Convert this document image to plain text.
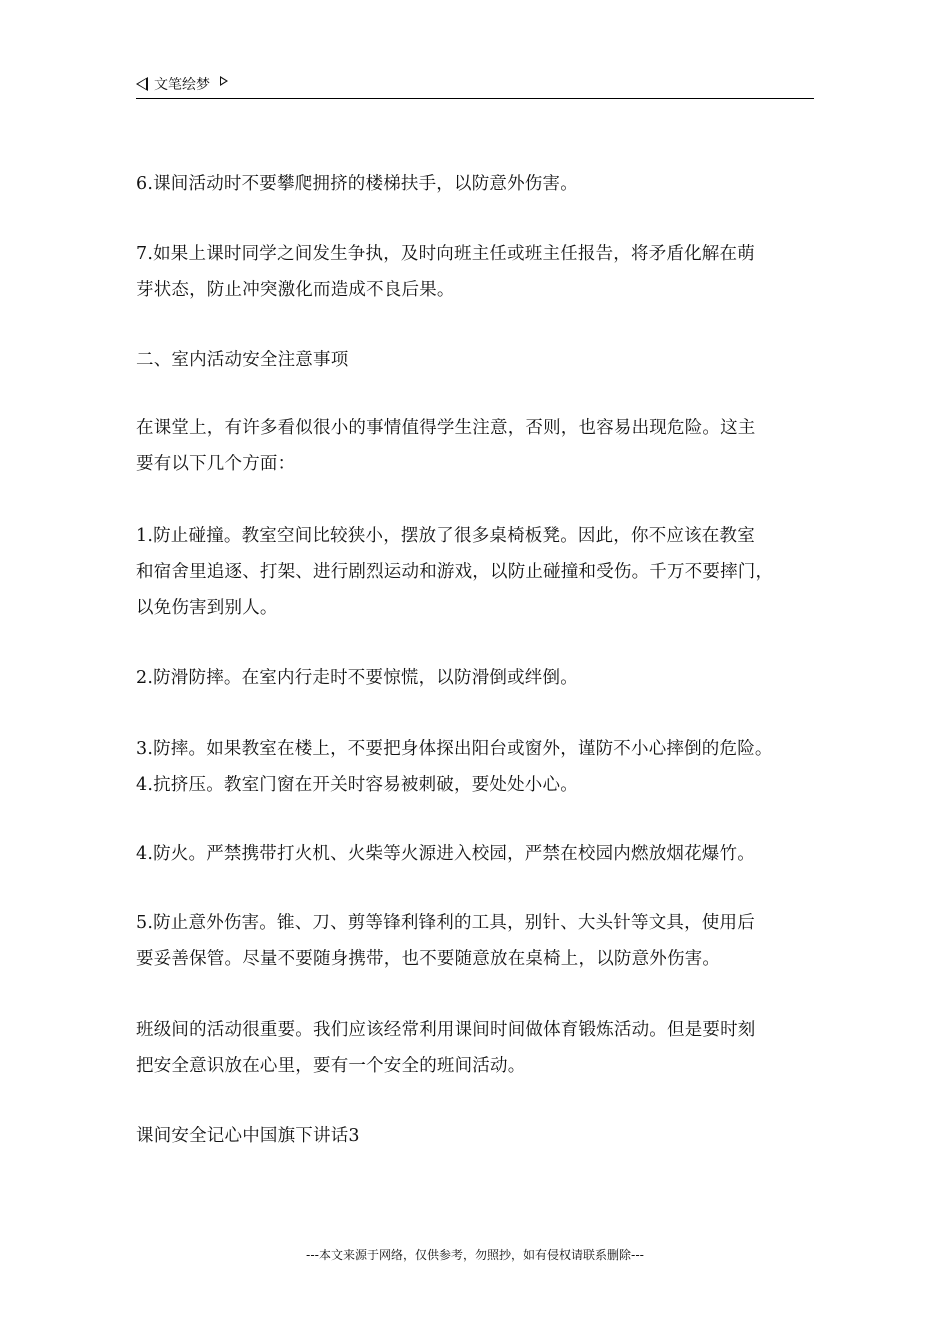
文笔绘梦
6.课间活动时不要攀爬拥挤的楼梯扶手，以防意外伤害。
7.如果上课时同学之间发生争执，及时向班主任或班主任报告，将矛盾化解在萌
芽状态，防止冲突激化而造成不良后果。
二、室内活动安全注意事项
在课堂上，有许多看似很小的事情值得学生注意，否则，也容易出现危险。这主
要有以下几个方面：
1.防止碰撞。教室空间比较狭小，摆放了很多桌椅板凳。因此，你不应该在教室
和宿舍里追逐、打架、进行剧烈运动和游戏，以防止碰撞和受伤。千万不要摔门，
以免伤害到别人。
2.防滑防摔。在室内行走时不要惊慌，以防滑倒或绊倒。
3.防摔。如果教室在楼上，不要把身体探出阳台或窗外，谨防不小心摔倒的危险。
4.抗挤压。教室门窗在开关时容易被刺破，要处处小心。
4.防火。严禁携带打火机、火柴等火源进入校园，严禁在校园内燃放烟花爆竹。
5.防止意外伤害。锥、刀、剪等锋利锋利的工具，别针、大头针等文具，使用后
要妥善保管。尽量不要随身携带，也不要随意放在桌椅上，以防意外伤害。
班级间的活动很重要。我们应该经常利用课间时间做体育锻炼活动。但是要时刻
把安全意识放在心里，要有一个安全的班间活动。
课间安全记心中国旗下讲话3
---本文来源于网络，仅供参考，勿照抄，如有侵权请联系删除---
